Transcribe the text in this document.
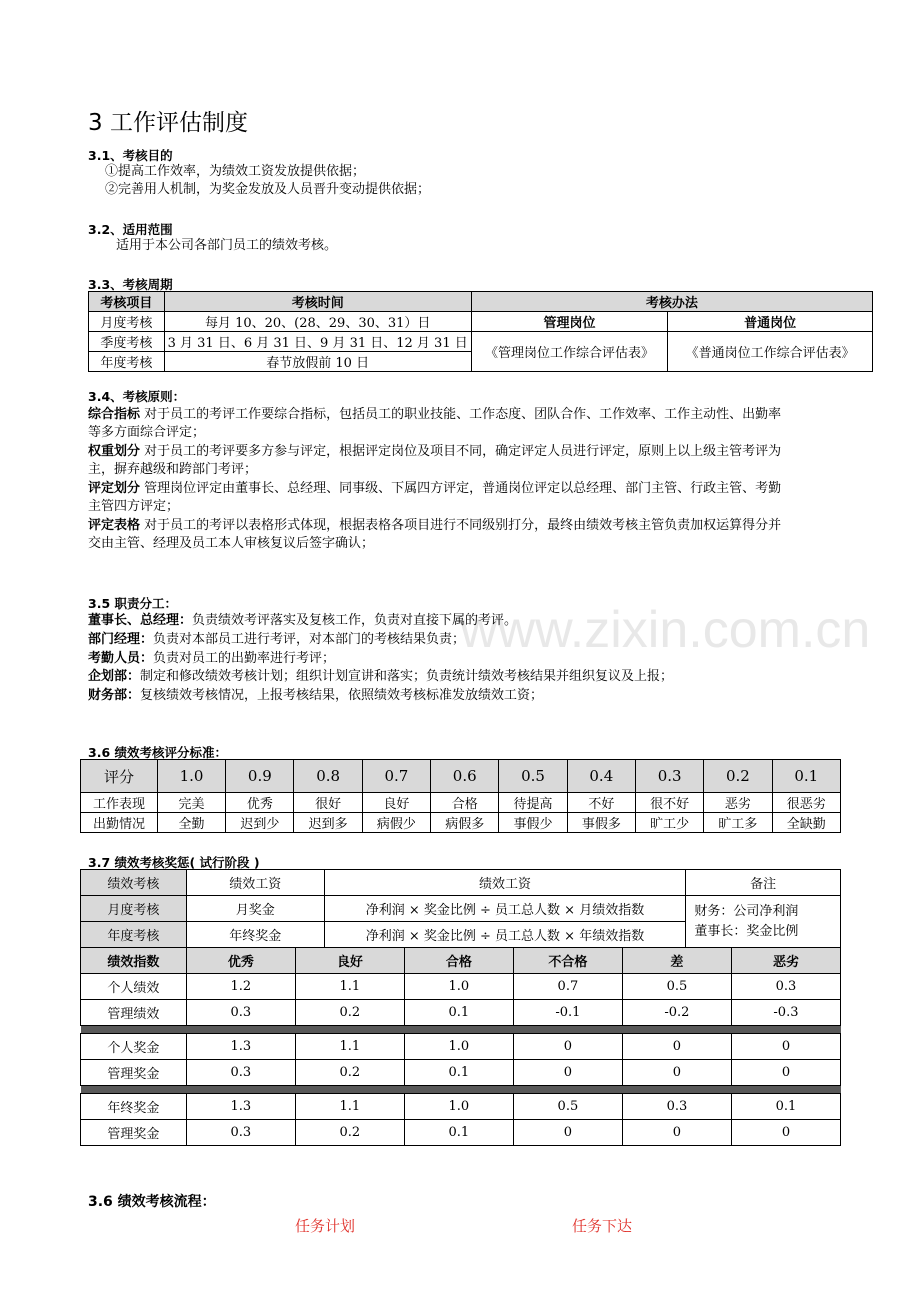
www.zixin.com.cn
3 工作评估制度
3.1、考核目的
①提高工作效率，为绩效工资发放提供依据；
②完善用人机制，为奖金发放及人员晋升变动提供依据；
3.2、适用范围
适用于本公司各部门员工的绩效考核。
3.3、考核周期
考核项目	考核时间	考核办法	
月度考核	每月 10、20、(28、29、30、31）日	管理岗位	普通岗位
季度考核	3 月 31 日、6 月 31 日、9 月 31 日、12 月 31 日	《管理岗位工作综合评估表》	《普通岗位工作综合评估表》
年度考核	春节放假前 10 日		
3.4、考核原则：
综合指标 对于员工的考评工作要综合指标，包括员工的职业技能、工作态度、团队合作、工作效率、工作主动性、出勤率
等多方面综合评定；
权重划分 对于员工的考评要多方参与评定，根据评定岗位及项目不同，确定评定人员进行评定，原则上以上级主管考评为
主，摒弃越级和跨部门考评；
评定划分 管理岗位评定由董事长、总经理、同事级、下属四方评定，普通岗位评定以总经理、部门主管、行政主管、考勤
主管四方评定；
评定表格 对于员工的考评以表格形式体现，根据表格各项目进行不同级别打分，最终由绩效考核主管负责加权运算得分并
交由主管、经理及员工本人审核复议后签字确认；
3.5 职责分工：
董事长、总经理：负责绩效考评落实及复核工作，负责对直接下属的考评。
部门经理：负责对本部员工进行考评，对本部门的考核结果负责；
考勤人员：负责对员工的出勤率进行考评；
企划部：制定和修改绩效考核计划；组织计划宣讲和落实；负责统计绩效考核结果并组织复议及上报；
财务部：复核绩效考核情况，上报考核结果，依照绩效考核标准发放绩效工资；
3.6 绩效考核评分标准：
评分	1.0	0.9	0.8	0.7	0.6	0.5	0.4	0.3	0.2	0.1
工作表现	完美	优秀	很好	良好	合格	待提高	不好	很不好	恶劣	很恶劣
出勤情况	全勤	迟到少	迟到多	病假少	病假多	事假少	事假多	旷工少	旷工多	全缺勤
3.7 绩效考核奖惩( 试行阶段 )
绩效考核	绩效工资	绩效工资	备注
月度考核	月奖金	净利润 × 奖金比例 ÷ 员工总人数 × 月绩效指数	财务：公司净利润
董事长：奖金比例

年度考核	年终奖金	净利润 × 奖金比例 ÷ 员工总人数 × 年绩效指数	
绩效指数	优秀	良好	合格	不合格	差	恶劣
个人绩效	1.2	1.1	1.0	0.7	0.5	0.3
管理绩效	0.3	0.2	0.1	-0.1	-0.2	-0.3

个人奖金	1.3	1.1	1.0	0	0	0
管理奖金	0.3	0.2	0.1	0	0	0

年终奖金	1.3	1.1	1.0	0.5	0.3	0.1
管理奖金	0.3	0.2	0.1	0	0	0
3.6 绩效考核流程：
任务计划	任务下达
